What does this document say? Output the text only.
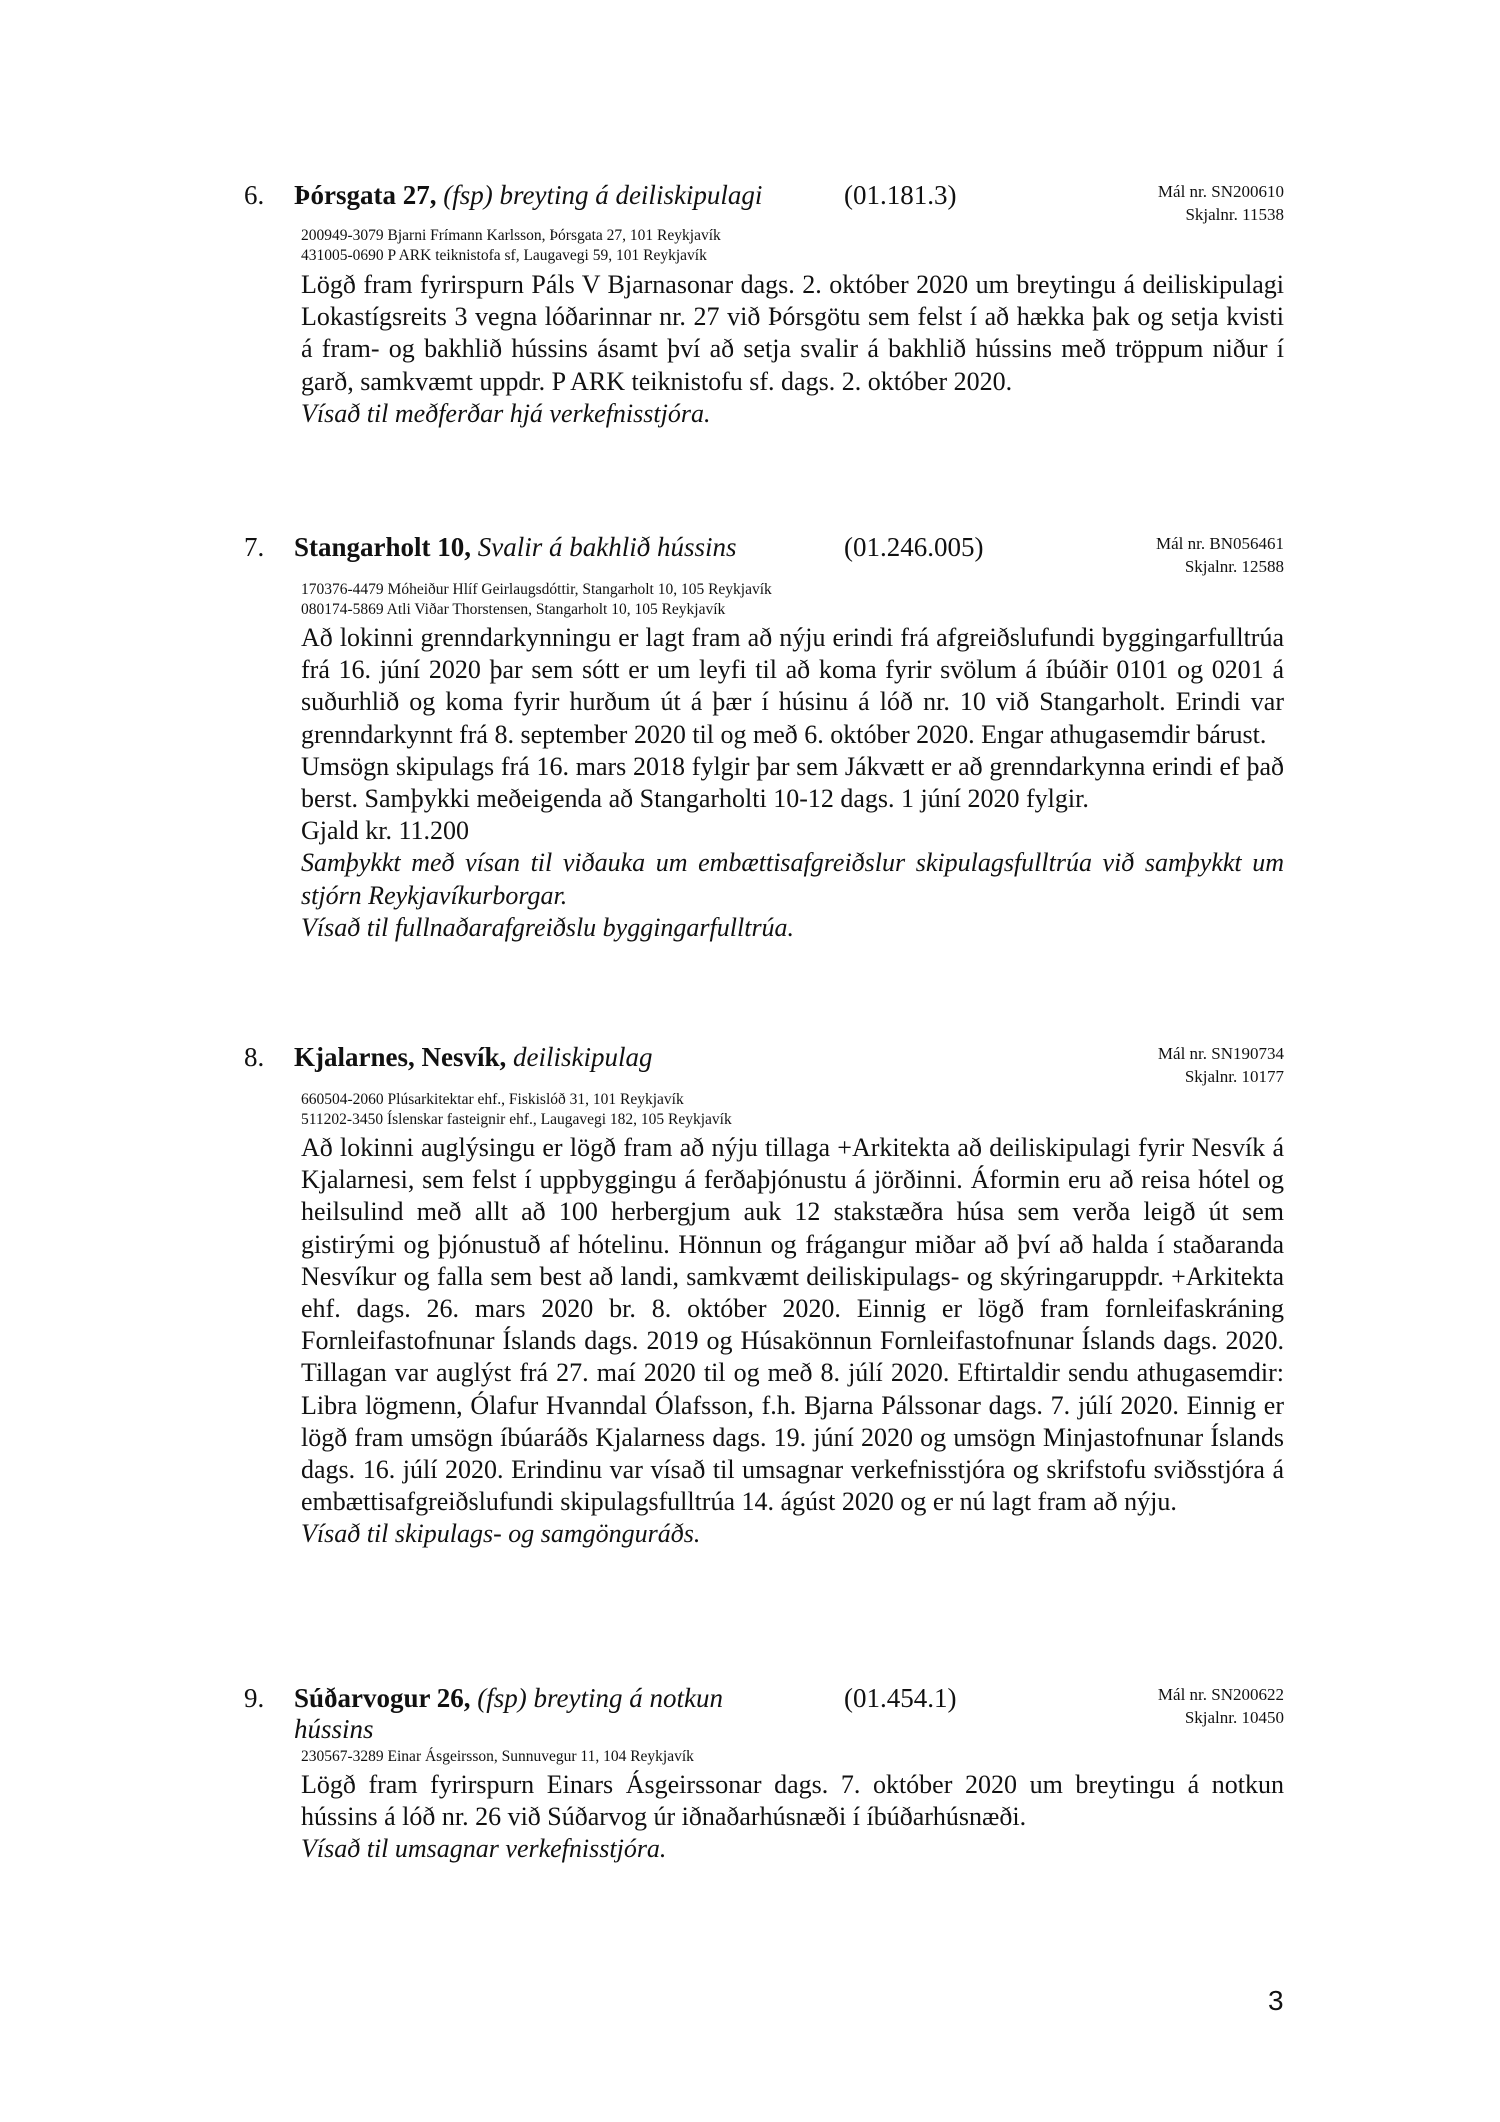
6. Þórsgata 27, (fsp) breyting á deiliskipulagi	(01.181.3)	Mál nr. SN200610
Skjalnr. 11538
200949-3079 Bjarni Frímann Karlsson, Þórsgata 27, 101 Reykjavík
431005-0690 P ARK teiknistofa sf, Laugavegi 59, 101 Reykjavík

Lögð fram fyrirspurn Páls V Bjarnasonar dags. 2. október 2020 um breytingu á deiliskipulagi Lokastígsreits 3 vegna lóðarinnar nr. 27 við Þórsgötu sem felst í að hækka þak og setja kvisti á fram- og bakhlið hússins ásamt því að setja svalir á bakhlið hússins með tröppum niður í garð, samkvæmt uppdr. P ARK teiknistofu sf. dags. 2. október 2020.

Vísað til meðferðar hjá verkefnisstjóra.

7. Stangarholt 10, Svalir á bakhlið hússins	(01.246.005)	Mál nr. BN056461
Skjalnr. 12588
170376-4479 Móheiður Hlíf Geirlaugsdóttir, Stangarholt 10, 105 Reykjavík
080174-5869 Atli Viðar Thorstensen, Stangarholt 10, 105 Reykjavík

Að lokinni grenndarkynningu er lagt fram að nýju erindi frá afgreiðslufundi byggingarfulltrúa frá 16. júní 2020 þar sem sótt er um leyfi til að koma fyrir svölum á íbúðir 0101 og 0201 á suðurhlið og koma fyrir hurðum út á þær í húsinu á lóð nr. 10 við Stangarholt. Erindi var grenndarkynnt frá 8. september 2020 til og með 6. október 2020. Engar athugasemdir bárust.

Umsögn skipulags frá 16. mars 2018 fylgir þar sem Jákvætt er að grenndarkynna erindi ef það berst. Samþykki meðeigenda að Stangarholti 10-12 dags. 1 júní 2020 fylgir.

Gjald kr. 11.200

Samþykkt með vísan til viðauka um embættisafgreiðslur skipulagsfulltrúa við samþykkt um stjórn Reykjavíkurborgar.

Vísað til fullnaðarafgreiðslu byggingarfulltrúa.

8. Kjalarnes, Nesvík, deiliskipulag	Mál nr. SN190734
Skjalnr. 10177
660504-2060 Plúsarkitektar ehf., Fiskislóð 31, 101 Reykjavík
511202-3450 Íslenskar fasteignir ehf., Laugavegi 182, 105 Reykjavík

Að lokinni auglýsingu er lögð fram að nýju tillaga +Arkitekta að deiliskipulagi fyrir Nesvík á Kjalarnesi, sem felst í uppbyggingu á ferðaþjónustu á jörðinni. Áformin eru að reisa hótel og heilsulind með allt að 100 herbergjum auk 12 stakstæðra húsa sem verða leigð út sem gistirými og þjónustuð af hótelinu. Hönnun og frágangur miðar að því að halda í staðaranda Nesvíkur og falla sem best að landi, samkvæmt deiliskipulags- og skýringaruppdr. +Arkitekta ehf. dags. 26. mars 2020 br. 8. október 2020. Einnig er lögð fram fornleifaskráning Fornleifastofnunar Íslands dags. 2019 og Húsakönnun Fornleifastofnunar Íslands dags. 2020. Tillagan var auglýst frá 27. maí 2020 til og með 8. júlí 2020. Eftirtaldir sendu athugasemdir: Libra lögmenn, Ólafur Hvanndal Ólafsson, f.h. Bjarna Pálssonar dags. 7. júlí 2020. Einnig er lögð fram umsögn íbúaráðs Kjalarness dags. 19. júní 2020 og umsögn Minjastofnunar Íslands dags. 16. júlí 2020. Erindinu var vísað til umsagnar verkefnisstjóra og skrifstofu sviðsstjóra á embættisafgreiðslufundi skipulagsfulltrúa 14. ágúst 2020 og er nú lagt fram að nýju.

Vísað til skipulags- og samgönguráðs.

9. Súðarvogur 26, (fsp) breyting á notkun
hússins
(01.454.1)	Mál nr. SN200622
Skjalnr. 10450
230567-3289 Einar Ásgeirsson, Sunnuvegur 11, 104 Reykjavík

Lögð fram fyrirspurn Einars Ásgeirssonar dags. 7. október 2020 um breytingu á notkun hússins á lóð nr. 26 við Súðarvog úr iðnaðarhúsnæði í íbúðarhúsnæði.

Vísað til umsagnar verkefnisstjóra.

3
